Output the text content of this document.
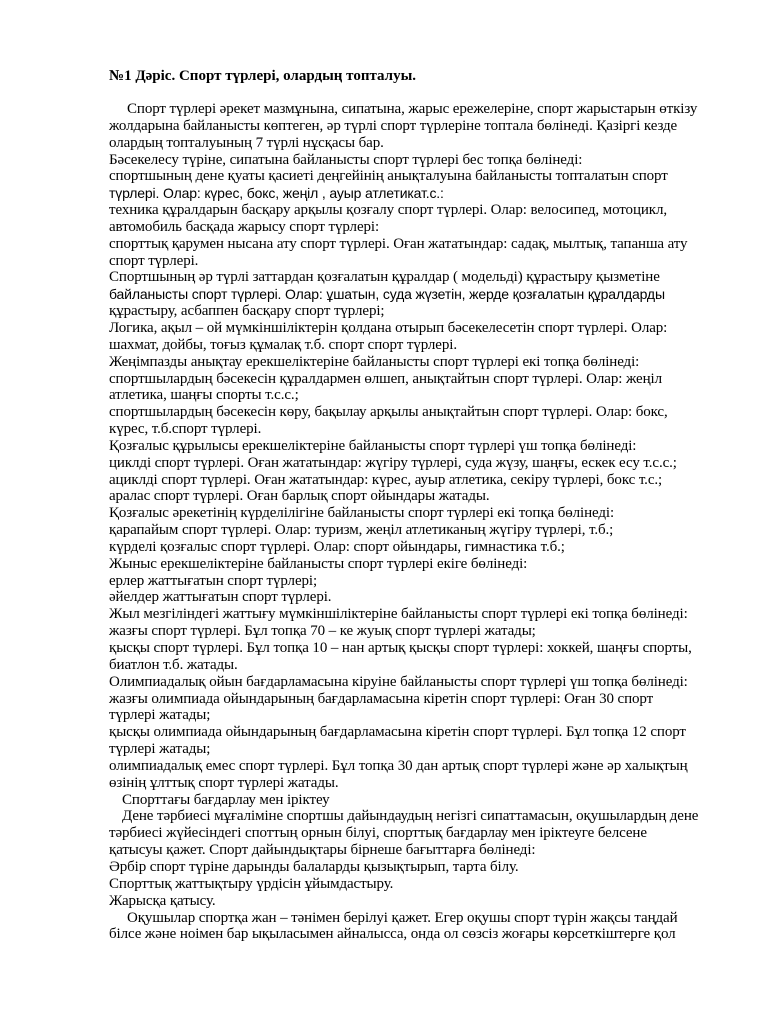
№1 Дәріс. Спорт түрлері, олардың топталуы.
Спорт түрлері әрекет мазмұнына, сипатына, жарыс ережелеріне, спорт жарыстарын өткізу
жолдарына байланысты көптеген, әр түрлі спорт түрлеріне топтала бөлінеді. Қазіргі кезде
олардың топталуының 7 түрлі нұсқасы бар.
Бәсекелесу түріне, сипатына байланысты спорт түрлері бес топқа бөлінеді:
спортшының дене қуаты қасиеті деңгейінің анықталуына байланысты топталатын спорт
түрлері. Олар: күрес, бокс, жеңіл , ауыр атлетикат.с.:
техника құралдарын басқару арқылы қозғалу спорт түрлері. Олар: велосипед, мотоцикл,
автомобиль басқада жарысу спорт түрлері:
спорттық қарумен нысана ату спорт түрлері. Оған жататындар: садақ, мылтық, тапанша ату
спорт түрлері.
Спортшының әр түрлі заттардан қозғалатын құралдар ( модельді) құрастыру қызметіне
байланысты спорт түрлері. Олар: ұшатын, суда жүзетін, жерде қозғалатын құралдарды
құрастыру, асбаппен басқару спорт түрлері;
Логика, ақыл – ой мүмкіншіліктерін қолдана отырып бәсекелесетін спорт түрлері. Олар:
шахмат, дойбы, тоғыз құмалақ т.б. спорт спорт түрлері.
Жеңімпазды анықтау ерекшеліктеріне байланысты спорт түрлері екі топқа бөлінеді:
спортшылардың бәсекесін құралдармен өлшеп, анықтайтын спорт түрлері. Олар: жеңіл
атлетика, шаңғы спорты т.с.с.;
спортшылардың бәсекесін көру, бақылау арқылы анықтайтын спорт түрлері. Олар: бокс,
күрес, т.б.спорт түрлері.
Қозғалыс құрылысы ерекшеліктеріне байланысты спорт түрлері үш топқа бөлінеді:
циклді спорт түрлері. Оған жататындар: жүгіру түрлері, суда жүзу, шаңғы, ескек есу т.с.с.;
ациклді спорт түрлері. Оған жататындар: күрес, ауыр атлетика, секіру түрлері, бокс т.с.;
аралас спорт түрлері. Оған барлық спорт ойындары жатады.
Қозғалыс әрекетінің күрделілігіне байланысты спорт түрлері екі топқа бөлінеді:
қарапайым спорт түрлері. Олар: туризм, жеңіл атлетиканың жүгіру түрлері, т.б.;
күрделі қозғалыс спорт түрлері. Олар: спорт ойындары, гимнастика т.б.;
Жыныс ерекшеліктеріне байланысты спорт түрлері екіге бөлінеді:
ерлер жаттығатын спорт түрлері;
әйелдер жаттығатын спорт түрлері.
Жыл мезгіліндегі жаттығу мүмкіншіліктеріне байланысты спорт түрлері екі топқа бөлінеді:
жазғы спорт түрлері. Бұл топқа 70 – ке жуық спорт түрлері жатады;
қысқы спорт түрлері. Бұл топқа 10 – нан артық қысқы спорт түрлері: хоккей, шаңғы спорты,
биатлон т.б. жатады.
Олимпиадалық ойын бағдарламасына кіруіне байланысты спорт түрлері үш топқа бөлінеді:
жазғы олимпиада ойындарының бағдарламасына кіретін спорт түрлері: Оған 30 спорт
түрлері жатады;
қысқы олимпиада ойындарының бағдарламасына кіретін спорт түрлері. Бұл топқа 12 спорт
түрлері жатады;
олимпиадалық емес спорт түрлері. Бұл топқа 30 дан артық спорт түрлері және әр халықтың
өзінің ұлттық спорт түрлері жатады.
Спорттағы бағдарлау мен іріктеу
Дене тәрбиесі мұғаліміне спортшы дайындаудың негізгі сипаттамасын, оқушылардың дене
тәрбиесі жүйесіндегі споттың орнын білуі, спорттық бағдарлау мен іріктеуге белсене
қатысуы қажет. Спорт дайындықтары бірнеше бағыттарға бөлінеді:
Әрбір спорт түріне дарынды балаларды қызықтырып, тарта білу.
Спорттық жаттықтыру үрдісін ұйымдастыру.
Жарысқа қатысу.
Оқушылар спортқа жан – тәнімен берілуі қажет. Егер оқушы спорт түрін жақсы таңдай
білсе және ноімен бар ықыласымен айналысса, онда ол сөзсіз жоғары көрсеткіштерге қол
